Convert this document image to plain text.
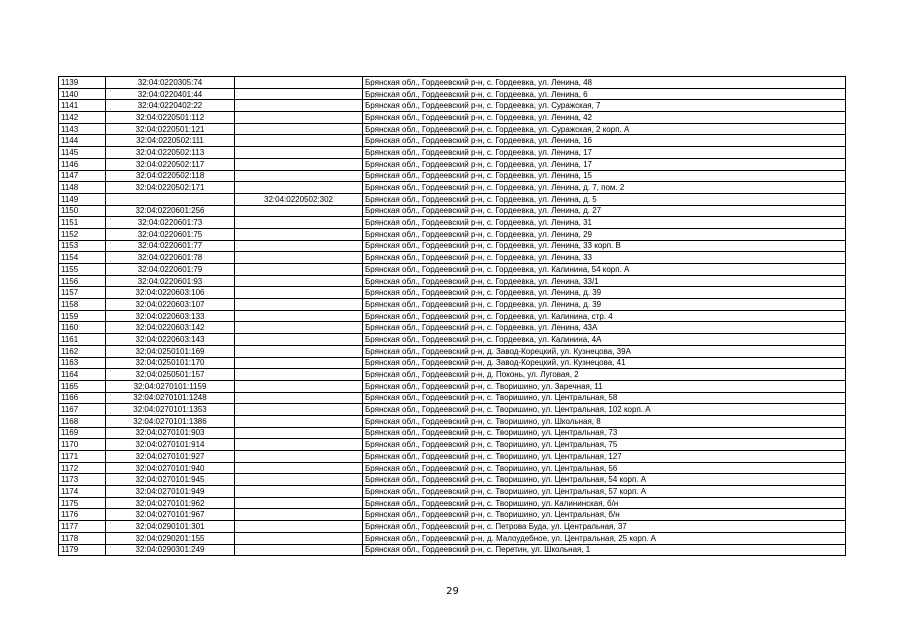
1139	32:04:0220305:74		Брянская обл., Гордеевский р-н, с. Гордеевка, ул. Ленина, 48
1140	32:04:0220401:44		Брянская обл., Гордеевский р-н, с. Гордеевка, ул. Ленина, 6
1141	32:04:0220402:22		Брянская обл., Гордеевский р-н, с. Гордеевка, ул. Суражская, 7
1142	32:04:0220501:112		Брянская обл., Гордеевский р-н, с. Гордеевка, ул. Ленина, 42
1143	32:04:0220501:121		Брянская обл., Гордеевский р-н, с. Гордеевка, ул. Суражская, 2 корп. А
1144	32:04:0220502:111		Брянская обл., Гордеевский р-н, с. Гордеевка, ул. Ленина, 16
1145	32:04:0220502:113		Брянская обл., Гордеевский р-н, с. Гордеевка, ул. Ленина, 17
1146	32:04:0220502:117		Брянская обл., Гордеевский р-н, с. Гордеевка, ул. Ленина, 17
1147	32:04:0220502:118		Брянская обл., Гордеевский р-н, с. Гордеевка, ул. Ленина, 15
1148	32:04:0220502:171		Брянская обл., Гордеевский р-н, с. Гордеевка, ул. Ленина, д. 7, пом. 2
1149		32:04:0220502:302	Брянская обл., Гордеевский р-н, с. Гордеевка, ул. Ленина, д. 5
1150	32:04:0220601:256		Брянская обл., Гордеевский р-н, с. Гордеевка, ул. Ленина, д. 27
1151	32:04:0220601:73		Брянская обл., Гордеевский р-н, с. Гордеевка, ул. Ленина, 31
1152	32:04:0220601:75		Брянская обл., Гордеевский р-н, с. Гордеевка, ул. Ленина, 29
1153	32:04:0220601:77		Брянская обл., Гордеевский р-н, с. Гордеевка, ул. Ленина, 33 корп. В
1154	32:04:0220601:78		Брянская обл., Гордеевский р-н, с. Гордеевка, ул. Ленина, 33
1155	32:04:0220601:79		Брянская обл., Гордеевский р-н, с. Гордеевка, ул. Калинина, 54 корп. А
1156	32:04:0220601:93		Брянская обл., Гордеевский р-н, с. Гордеевка, ул. Ленина, 33/1
1157	32:04:0220603:106		Брянская обл., Гордеевский р-н, с. Гордеевка, ул. Ленина, д. 39
1158	32:04:0220603:107		Брянская обл., Гордеевский р-н, с. Гордеевка, ул. Ленина, д. 39
1159	32:04:0220603:133		Брянская обл., Гордеевский р-н, с. Гордеевка, ул. Калинина, стр. 4
1160	32:04:0220603:142		Брянская обл., Гордеевский р-н, с. Гордеевка, ул. Ленина, 43А
1161	32:04:0220603:143		Брянская обл., Гордеевский р-н, с. Гордеевка, ул. Калинина, 4А
1162	32:04:0250101:169		Брянская обл., Гордеевский р-н, д. Завод-Корецкий, ул. Кузнецова, 39А
1163	32:04:0250101:170		Брянская обл., Гордеевский р-н, д. Завод-Корецкий, ул. Кузнецова, 41
1164	32:04:0250501:157		Брянская обл., Гордеевский р-н, д. Поконь, ул. Луговая, 2
1165	32:04:0270101:1159		Брянская обл., Гордеевский р-н, с. Творишино, ул. Заречная, 11
1166	32:04:0270101:1248		Брянская обл., Гордеевский р-н, с. Творишино, ул. Центральная, 58
1167	32:04:0270101:1353		Брянская обл., Гордеевский р-н, с. Творишино, ул. Центральная, 102 корп. А
1168	32:04:0270101:1386		Брянская обл., Гордеевский р-н, с. Творишино, ул. Школьная, 8
1169	32:04:0270101:903		Брянская обл., Гордеевский р-н, с. Творишино, ул. Центральная, 73
1170	32:04:0270101:914		Брянская обл., Гордеевский р-н, с. Творишино, ул. Центральная, 75
1171	32:04:0270101:927		Брянская обл., Гордеевский р-н, с. Творишино, ул. Центральная, 127
1172	32:04:0270101:940		Брянская обл., Гордеевский р-н, с. Творишино, ул. Центральная, 56
1173	32:04:0270101:945		Брянская обл., Гордеевский р-н, с. Творишино, ул. Центральная, 54 корп. А
1174	32:04:0270101:949		Брянская обл., Гордеевский р-н, с. Творишино, ул. Центральная, 57 корп. А
1175	32:04:0270101:962		Брянская обл., Гордеевский р-н, с. Творишино, ул. Калининская, б/н
1176	32:04:0270101:967		Брянская обл., Гордеевский р-н, с. Творишино, ул. Центральная, б/н
1177	32:04:0290101:301		Брянская обл., Гордеевский р-н, с. Петрова Буда, ул. Центральная, 37
1178	32:04:0290201:155		Брянская обл., Гордеевский р-н, д. Малоудебное, ул. Центральная, 25 корп. А
1179	32:04:0290301:249		Брянская обл., Гордеевский р-н, с. Перетин, ул. Школьная, 1
29
